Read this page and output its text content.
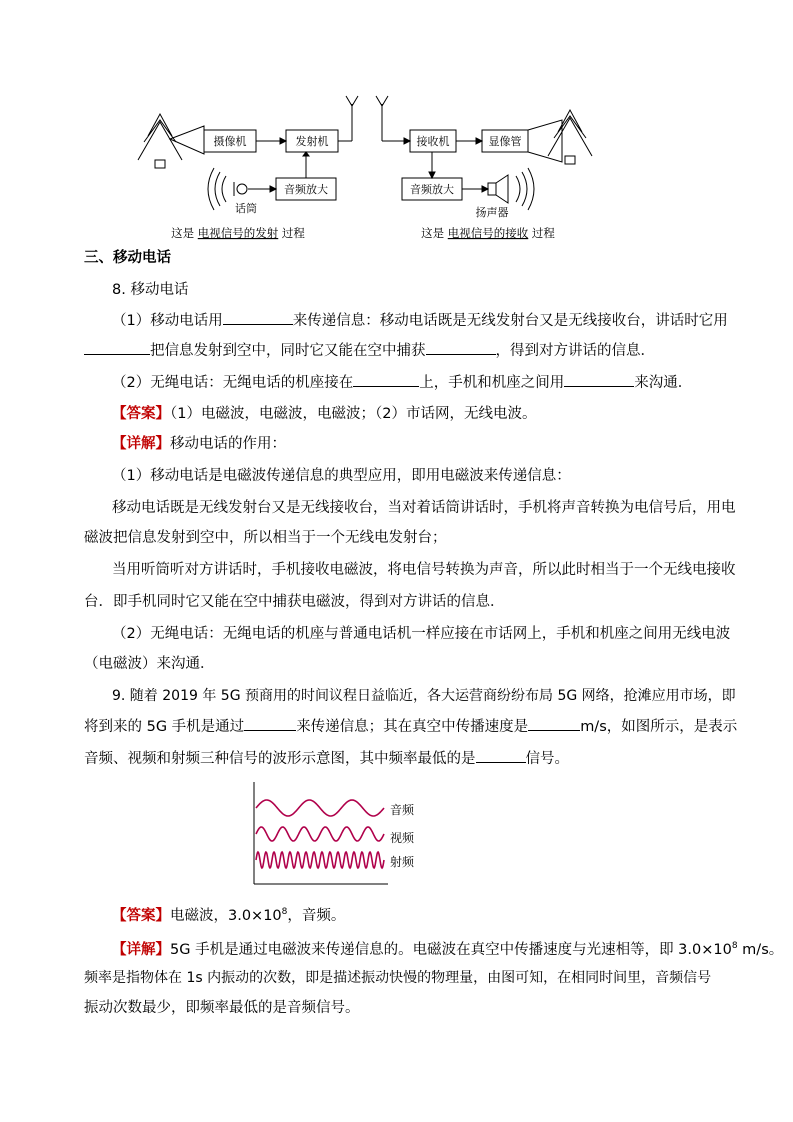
摄像机	发射机
音频放大
接收机	显像管
音频放大
话筒	扬声器
这是 电视信号的发射 过程	这是 电视信号的接收 过程
三、移动电话
8. 移动电话
（1）移动电话用	来传递信息：移动电话既是无线发射台又是无线接收台，讲话时它用
把信息发射到空中，同时它又能在空中捕获	，得到对方讲话的信息．
（2）无绳电话：无绳电话的机座接在	上，手机和机座之间用	来沟通．
【答案】（1）电磁波，电磁波，电磁波；（2）市话网，无线电波。
【详解】移动电话的作用：
（1）移动电话是电磁波传递信息的典型应用，即用电磁波来传递信息：
移动电话既是无线发射台又是无线接收台，当对着话筒讲话时，手机将声音转换为电信号后，用电
磁波把信息发射到空中，所以相当于一个无线电发射台；
当用听筒听对方讲话时，手机接收电磁波，将电信号转换为声音，所以此时相当于一个无线电接收
台．即手机同时它又能在空中捕获电磁波，得到对方讲话的信息．
（2）无绳电话：无绳电话的机座与普通电话机一样应接在市话网上，手机和机座之间用无线电波
（电磁波）来沟通．
9. 随着 2019 年 5G 预商用的时间议程日益临近，各大运营商纷纷布局 5G 网络，抢滩应用市场，即
将到来的 5G 手机是通过	来传递信息；其在真空中传播速度是	m/s，如图所示，是表示
音频、视频和射频三种信号的波形示意图，其中频率最低的是	信号。
音频
视频
射频
【答案】电磁波，$3.0\times 10^8$，音频。
【详解】5G 手机是通过电磁波来传递信息的。电磁波在真空中传播速度与光速相等，即 $3.0\times 10^8$ m/s。
频率是指物体在 1s 内振动的次数，即是描述振动快慢的物理量，由图可知，在相同时间里，音频信号
振动次数最少，即频率最低的是音频信号。
